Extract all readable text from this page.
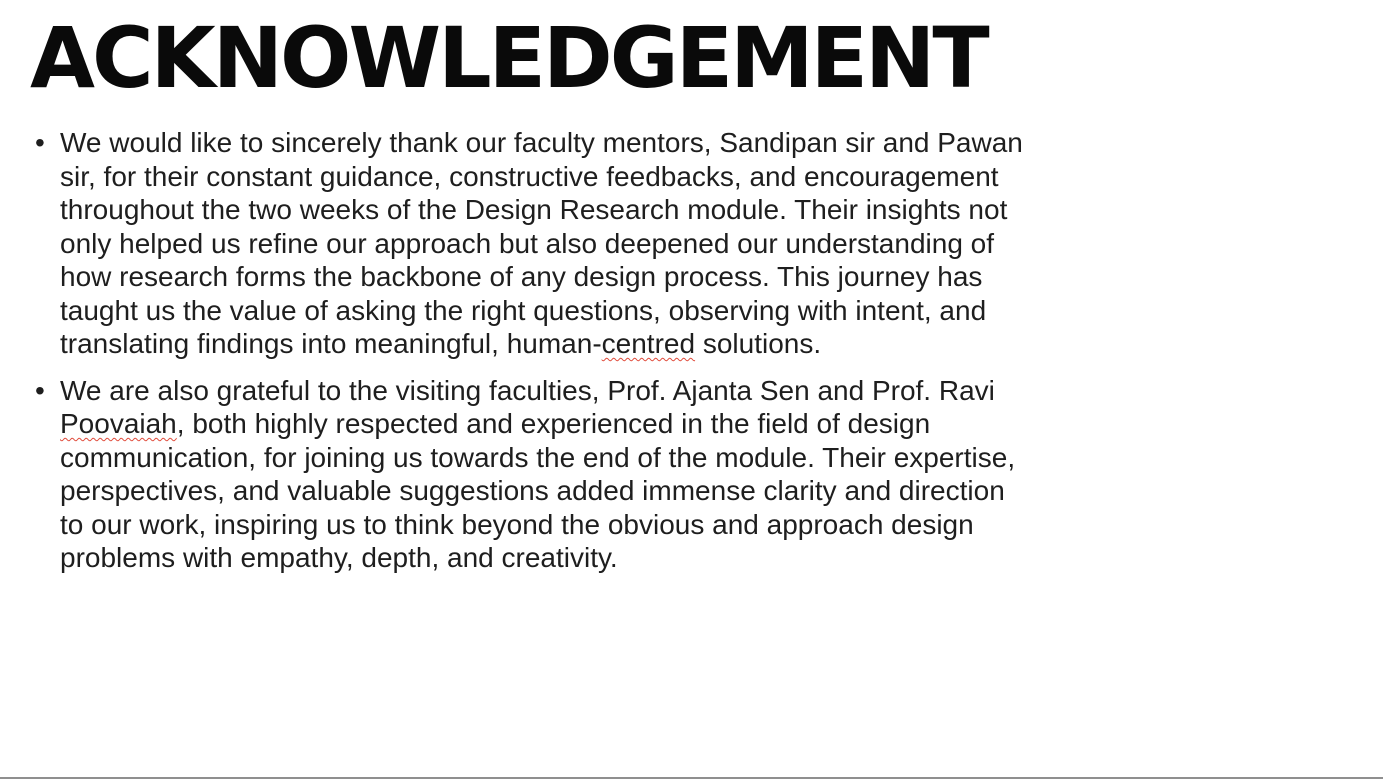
ACKNOWLEDGEMENT
• We would like to sincerely thank our faculty mentors, Sandipan sir and Pawan
sir, for their constant guidance, constructive feedbacks, and encouragement
throughout the two weeks of the Design Research module. Their insights not
only helped us refine our approach but also deepened our understanding of
how research forms the backbone of any design process. This journey has
taught us the value of asking the right questions, observing with intent, and
translating findings into meaningful, human-centred solutions.
• We are also grateful to the visiting faculties, Prof. Ajanta Sen and Prof. Ravi
Poovaiah, both highly respected and experienced in the field of design
communication, for joining us towards the end of the module. Their expertise,
perspectives, and valuable suggestions added immense clarity and direction
to our work, inspiring us to think beyond the obvious and approach design
problems with empathy, depth, and creativity.
